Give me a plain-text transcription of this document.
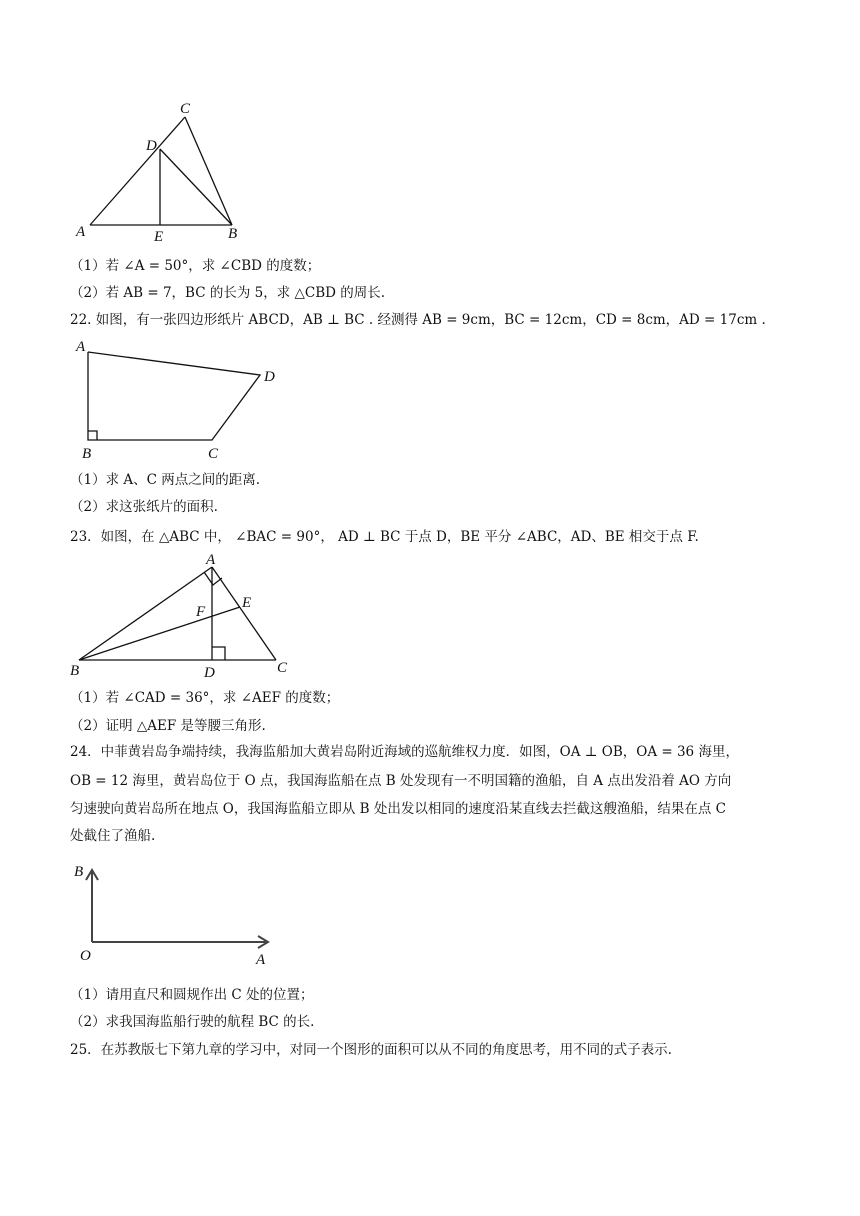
A	B
C
D
E
（1）若 ∠A = 50°，求 ∠CBD 的度数；
（2）若 AB = 7，BC 的长为 5，求 △CBD 的周长.
22. 如图，有一张四边形纸片 ABCD，AB ⊥ BC . 经测得 AB = 9cm，BC = 12cm，CD = 8cm，AD = 17cm .
A
B	C
D
（1）求 A、C 两点之间的距离.
（2）求这张纸片的面积.
23．如图，在 △ABC 中， ∠BAC = 90°， AD ⊥ BC 于点 D，BE 平分 ∠ABC，AD、BE 相交于点 F.
A
B	C
D
E
F
（1）若 ∠CAD = 36°，求 ∠AEF 的度数；
（2）证明 △AEF 是等腰三角形.
24．中菲黄岩岛争端持续，我海监船加大黄岩岛附近海域的巡航维权力度．如图，OA ⊥ OB，OA = 36 海里，
OB = 12 海里，黄岩岛位于 O 点，我国海监船在点 B 处发现有一不明国籍的渔船，自 A 点出发沿着 AO 方向
匀速驶向黄岩岛所在地点 O，我国海监船立即从 B 处出发以相同的速度沿某直线去拦截这艘渔船，结果在点 C
处截住了渔船.
B
O	A
（1）请用直尺和圆规作出 C 处的位置；
（2）求我国海监船行驶的航程 BC 的长.
25．在苏教版七下第九章的学习中，对同一个图形的面积可以从不同的角度思考，用不同的式子表示.
